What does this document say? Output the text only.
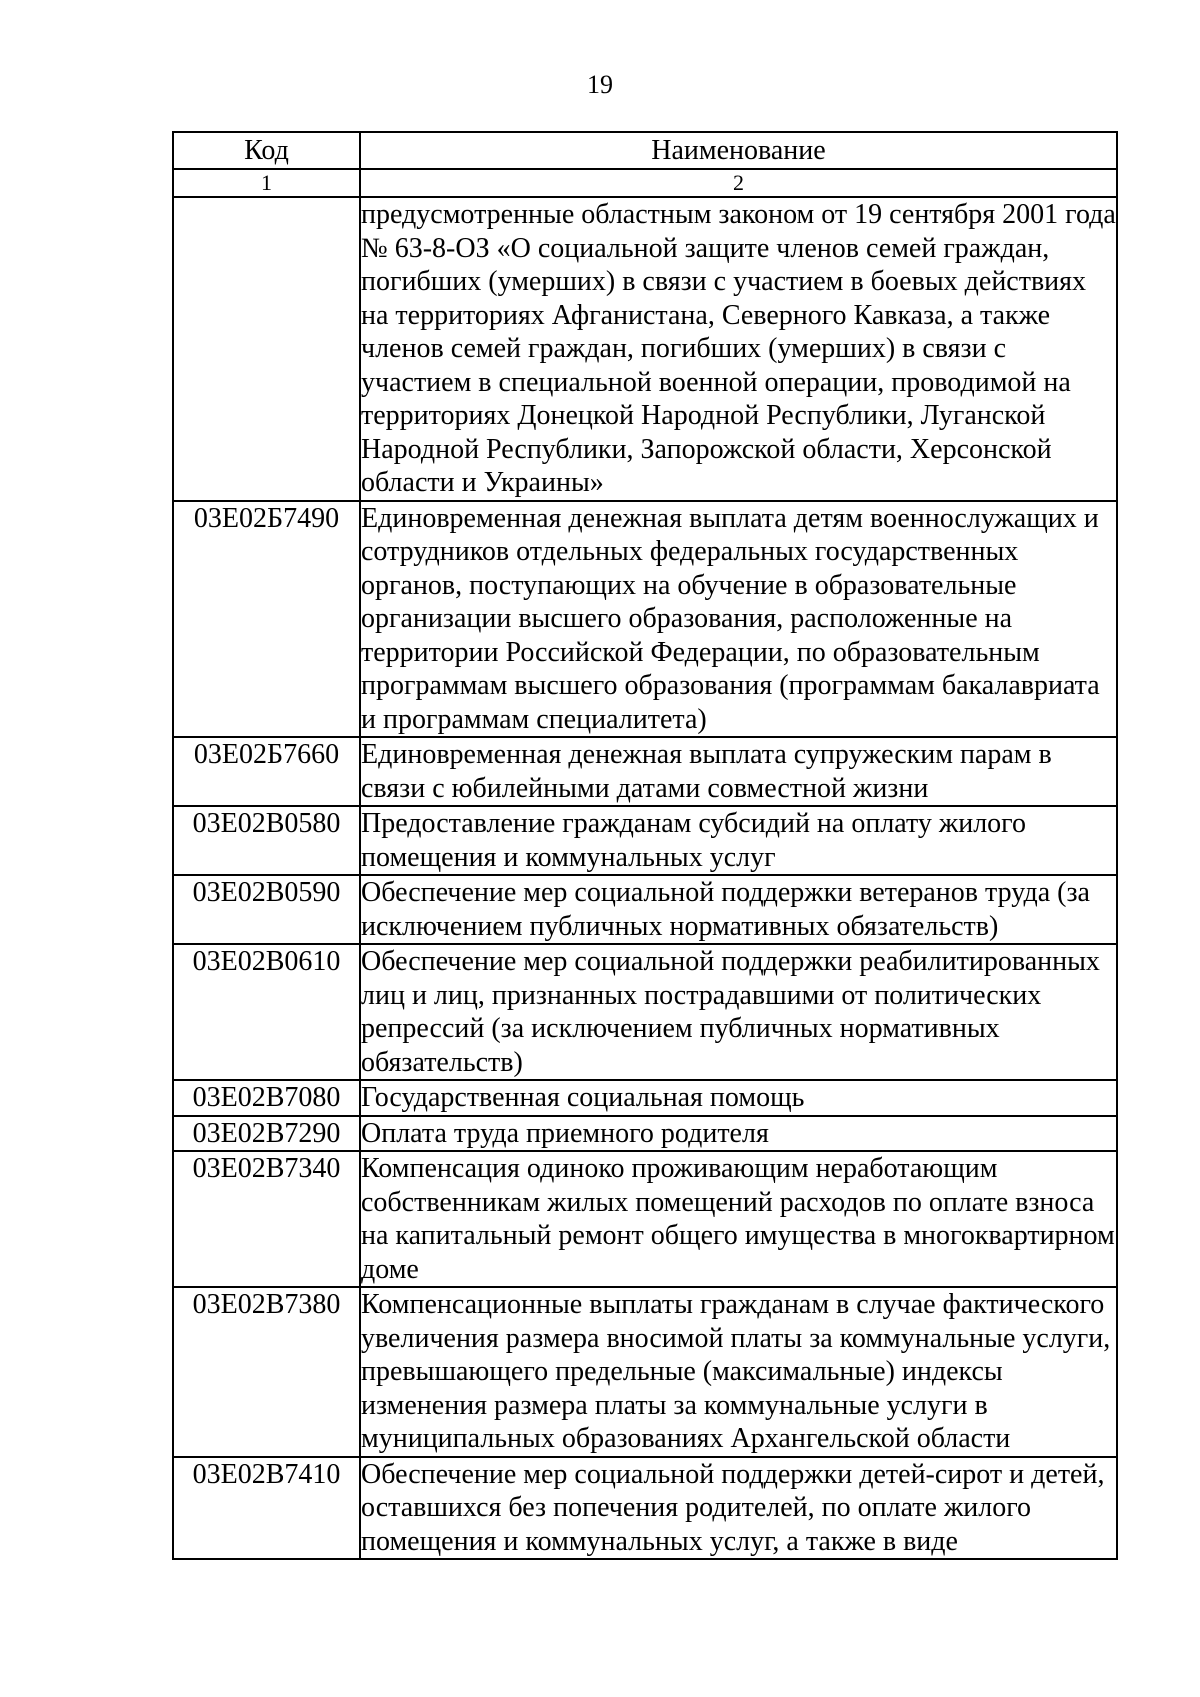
19
Код	Наименование
1	2
	предусмотренные областным законом от 19 сентября 2001 года № 63-8-ОЗ «О социальной защите членов семей граждан, погибших (умерших) в связи с участием в боевых действиях на территориях Афганистана, Северного Кавказа, а также членов семей граждан, погибших (умерших) в связи с участием в специальной военной операции, проводимой на территориях Донецкой Народной Республики, Луганской Народной Республики, Запорожской области, Херсонской области и Украины»
03Е02Б7490	Единовременная денежная выплата детям военнослужащих и сотрудников отдельных федеральных государственных органов, поступающих на обучение в образовательные организации высшего образования, расположенные на территории Российской Федерации, по образовательным программам высшего образования (программам бакалавриата и программам специалитета)
03Е02Б7660	Единовременная денежная выплата супружеским парам в связи с юбилейными датами совместной жизни
03Е02В0580	Предоставление гражданам субсидий на оплату жилого помещения и коммунальных услуг
03Е02В0590	Обеспечение мер социальной поддержки ветеранов труда (за исключением публичных нормативных обязательств)
03Е02В0610	Обеспечение мер социальной поддержки реабилитированных лиц и лиц, признанных пострадавшими от политических репрессий (за исключением публичных нормативных обязательств)
03Е02В7080	Государственная социальная помощь
03Е02В7290	Оплата труда приемного родителя
03Е02В7340	Компенсация одиноко проживающим неработающим собственникам жилых помещений расходов по оплате взноса на капитальный ремонт общего имущества в многоквартирном доме
03Е02В7380	Компенсационные выплаты гражданам в случае фактического увеличения размера вносимой платы за коммунальные услуги, превышающего предельные (максимальные) индексы изменения размера платы за коммунальные услуги в муниципальных образованиях Архангельской области
03Е02В7410	Обеспечение мер социальной поддержки детей-сирот и детей, оставшихся без попечения родителей, по оплате жилого помещения и коммунальных услуг, а также в виде
